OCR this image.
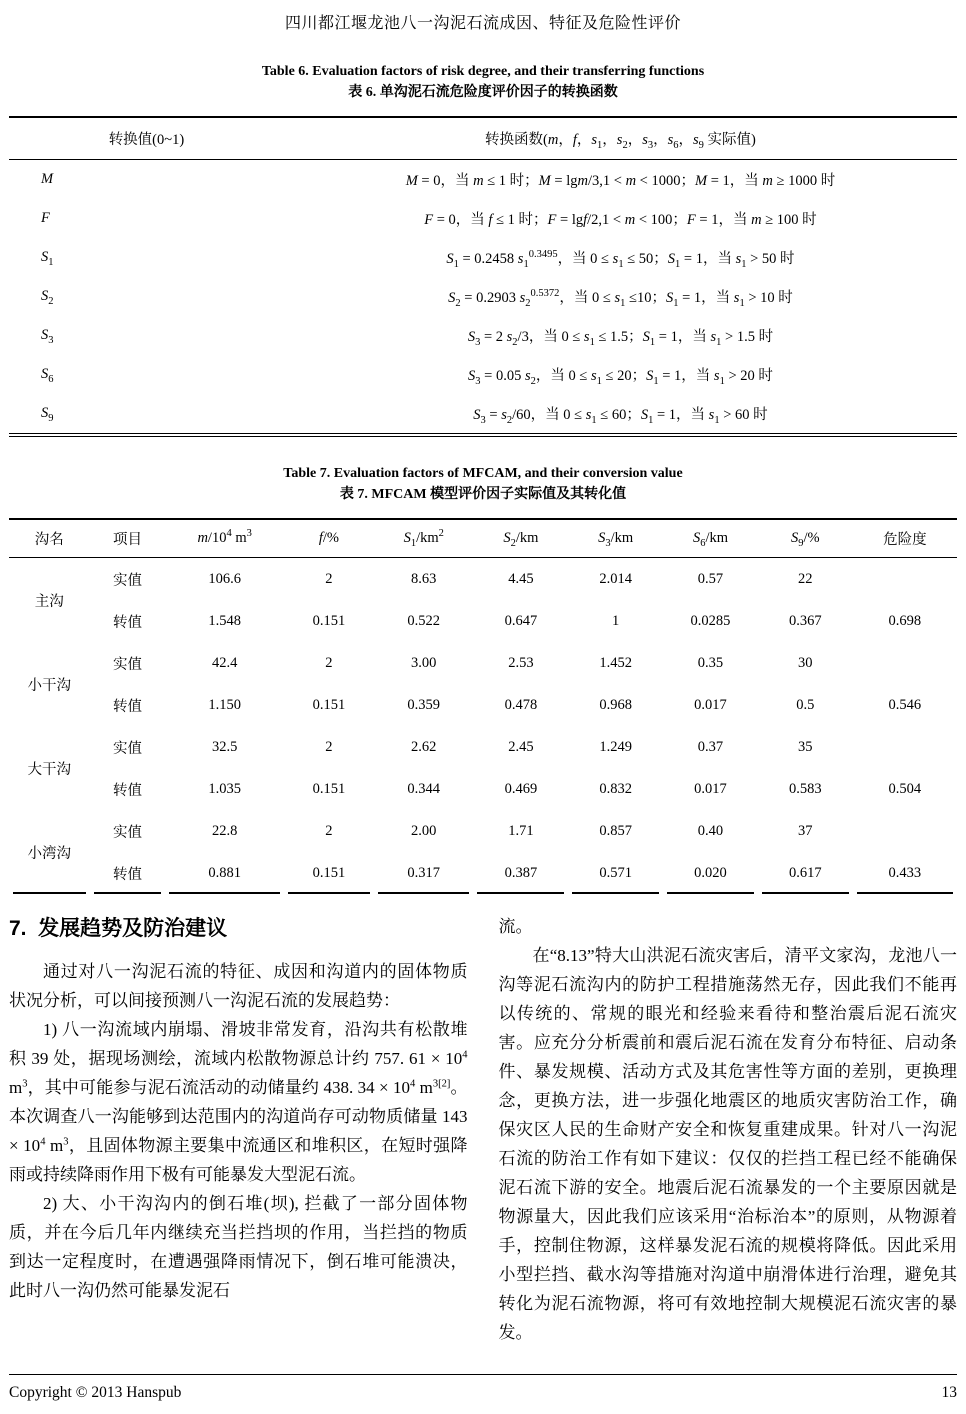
四川都江堰龙池八一沟泥石流成因、特征及危险性评价
Table 6. Evaluation factors of risk degree, and their transferring functions
表 6. 单沟泥石流危险度评价因子的转换函数
转换值(0~1)	转换函数(m，f，$s_1$，$s_2$，$s_3$，$s_6$，$s_9$ 实际值)
M	M = 0，当 m ≤ 1 时；M = lgm/3,1 < m < 1000；M = 1，当 m ≥ 1000 时
F	F = 0，当 f ≤ 1 时；F = lgf/2,1 < m < 100；F = 1，当 m ≥ 100 时
$S_1$	$S_1 = 0.2458$ $s_1^{0.3495}$，当 $0 \le s_1 \le 50$；$S_1 = 1$，当 $s_1 > 50$ 时
$S_2$	$S_2 = 0.2903$ $s_2^{0.5372}$，当 $0 \le s_1 \le 10$；$S_1 = 1$，当 $s_1 > 10$ 时
$S_3$	$S_3 = 2$ $s_2/3$，当 $0 \le s_1 \le 1.5$；$S_1 = 1$，当 $s_1 > 1.5$ 时
$S_6$	$S_3 = 0.05$ $s_2$，当 $0 \le s_1 \le 20$；$S_1 = 1$，当 $s_1 > 20$ 时
$S_9$	$S_3 = s_2/60$，当 $0 \le s_1 \le 60$；$S_1 = 1$，当 $s_1 > 60$ 时
Table 7. Evaluation factors of MFCAM, and their conversion value
表 7. MFCAM 模型评价因子实际值及其转化值
沟名	项目	$m/10^4$ $m^3$	f/%	$S_1/km^2$	$S_2/km$	$S_3/km$	$S_6/km$	$S_9/\%$	危险度
主沟	实值	106.6	2	8.63	4.45	2.014	0.57	22	
	转值	1.548	0.151	0.522	0.647	1	0.0285	0.367	0.698
小干沟	实值	42.4	2	3.00	2.53	1.452	0.35	30	
	转值	1.150	0.151	0.359	0.478	0.968	0.017	0.5	0.546
大干沟	实值	32.5	2	2.62	2.45	1.249	0.37	35	
	转值	1.035	0.151	0.344	0.469	0.832	0.017	0.583	0.504
小湾沟	实值	22.8	2	2.00	1.71	0.857	0.40	37	
	转值	0.881	0.151	0.317	0.387	0.571	0.020	0.617	0.433
7.  发展趋势及防治建议

通过对八一沟泥石流的特征、成因和沟道内的固体物质状况分析，可以间接预测八一沟泥石流的发展趋势：

1) 八一沟流域内崩塌、滑坡非常发育，沿沟共有松散堆积 39 处，据现场测绘，流域内松散物源总计约 757. $61 \times 10^4$ $m^3$，其中可能参与泥石流活动的动储量约 438. $34 \times 10^4$ $m^{3[2]}$。本次调查八一沟能够到达范围内的沟道尚存可动物质储量 $143 \times 10^4$ $m^3$，且固体物源主要集中流通区和堆积区，在短时强降雨或持续降雨作用下极有可能暴发大型泥石流。

2) 大、小干沟沟内的倒石堆(坝), 拦截了一部分固体物质，并在今后几年内继续充当拦挡坝的作用，当拦挡的物质到达一定程度时，在遭遇强降雨情况下，倒石堆可能溃决，此时八一沟仍然可能暴发泥石

流。

在“8.13”特大山洪泥石流灾害后，清平文家沟，龙池八一沟等泥石流沟内的防护工程措施荡然无存，因此我们不能再以传统的、常规的眼光和经验来看待和整治震后泥石流灾害。应充分分析震前和震后泥石流在发育分布特征、启动条件、暴发规模、活动方式及其危害性等方面的差别，更换理念，更换方法，进一步强化地震区的地质灾害防治工作，确保灾区人民的生命财产安全和恢复重建成果。针对八一沟泥石流的防治工作有如下建议：仅仅的拦挡工程已经不能确保泥石流下游的安全。地震后泥石流暴发的一个主要原因就是物源量大，因此我们应该采用“治标治本”的原则，从物源着手，控制住物源，这样暴发泥石流的规模将降低。因此采用小型拦挡、截水沟等措施对沟道中崩滑体进行治理，避免其转化为泥石流物源，将可有效地控制大规模泥石流灾害的暴发。

Copyright © 2013 Hanspub	13
